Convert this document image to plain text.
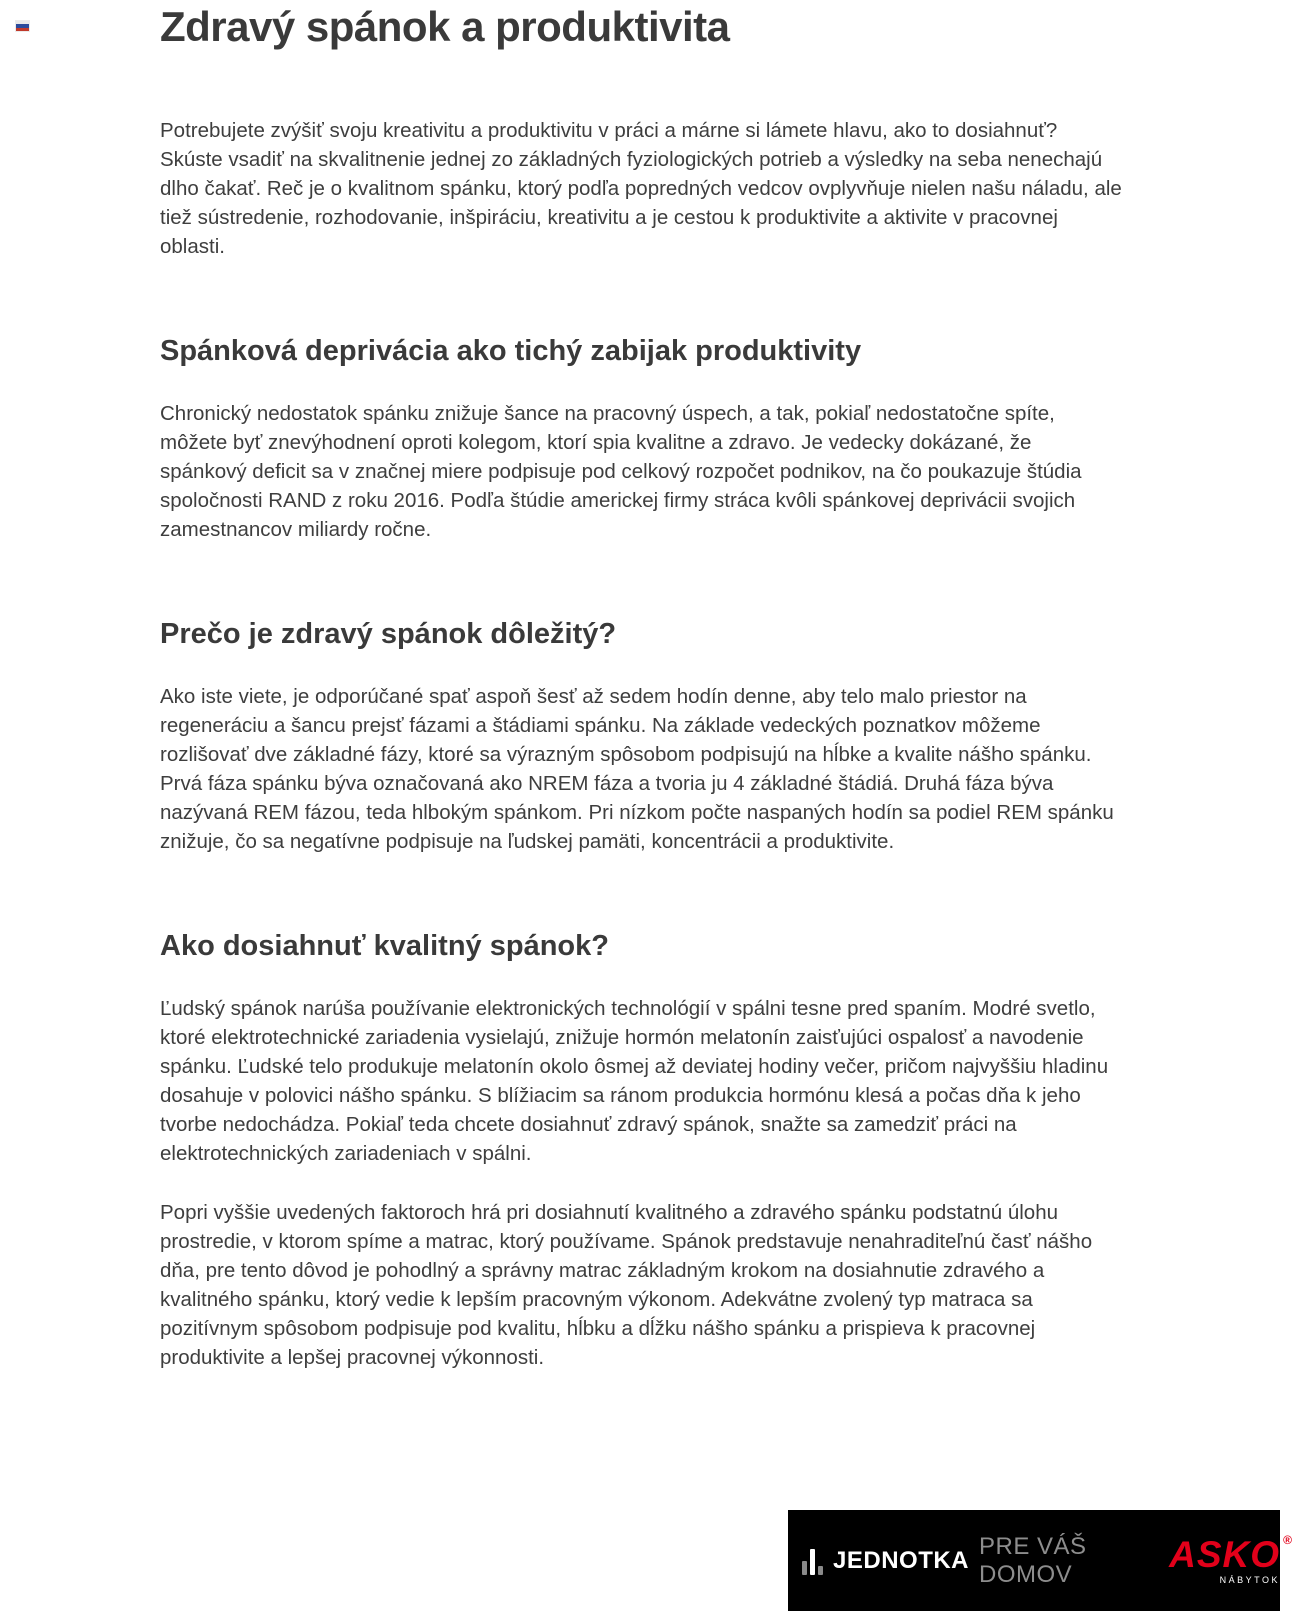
Zdravý spánok a produktivita

Potrebujete zvýšiť svoju kreativitu a produktivitu v práci a márne si lámete hlavu, ako to dosiahnuť? Skúste vsadiť na skvalitnenie jednej zo základných fyziologických potrieb a výsledky na seba nenechajú dlho čakať. Reč je o kvalitnom spánku, ktorý podľa popredných vedcov ovplyvňuje nielen našu náladu, ale tiež sústredenie, rozhodovanie, inšpiráciu, kreativitu a je cestou k produktivite a aktivite v pracovnej oblasti.

Spánková deprivácia ako tichý zabijak produktivity

Chronický nedostatok spánku znižuje šance na pracovný úspech, a tak, pokiaľ nedostatočne spíte, môžete byť znevýhodnení oproti kolegom, ktorí spia kvalitne a zdravo. Je vedecky dokázané, že spánkový deficit sa v značnej miere podpisuje pod celkový rozpočet podnikov, na čo poukazuje štúdia spoločnosti RAND z roku 2016. Podľa štúdie americkej firmy stráca kvôli spánkovej deprivácii svojich zamestnancov miliardy ročne.

Prečo je zdravý spánok dôležitý?

Ako iste viete, je odporúčané spať aspoň šesť až sedem hodín denne, aby telo malo priestor na regeneráciu a šancu prejsť fázami a štádiami spánku. Na základe vedeckých poznatkov môžeme rozlišovať dve základné fázy, ktoré sa výrazným spôsobom podpisujú na hĺbke a kvalite nášho spánku. Prvá fáza spánku býva označovaná ako NREM fáza a tvoria ju 4 základné štádiá. Druhá fáza býva nazývaná REM fázou, teda hlbokým spánkom. Pri nízkom počte naspaných hodín sa podiel REM spánku znižuje, čo sa negatívne podpisuje na ľudskej pamäti, koncentrácii a produktivite.

Ako dosiahnuť kvalitný spánok?

Ľudský spánok narúša používanie elektronických technológií v spálni tesne pred spaním. Modré svetlo, ktoré elektrotechnické zariadenia vysielajú, znižuje hormón melatonín zaisťujúci ospalosť a navodenie spánku. Ľudské telo produkuje melatonín okolo ôsmej až deviatej hodiny večer, pričom najvyššiu hladinu dosahuje v polovici nášho spánku. S blížiacim sa ránom produkcia hormónu klesá a počas dňa k jeho tvorbe nedochádza. Pokiaľ teda chcete dosiahnuť zdravý spánok, snažte sa zamedziť práci na elektrotechnických zariadeniach v spálni.

Popri vyššie uvedených faktoroch hrá pri dosiahnutí kvalitného a zdravého spánku podstatnú úlohu prostredie, v ktorom spíme a matrac, ktorý používame. Spánok predstavuje nenahraditeľnú časť nášho dňa, pre tento dôvod je pohodlný a správny matrac základným krokom na dosiahnutie zdravého a kvalitného spánku, ktorý vedie k lepším pracovným výkonom. Adekvátne zvolený typ matraca sa pozitívnym spôsobom podpisuje pod kvalitu, hĺbku a dĺžku nášho spánku a prispieva k pracovnej produktivite a lepšej pracovnej výkonnosti.

JEDNOTKA
PRE VÁŠ DOMOV	ASKO ®
NÁBYTOK
